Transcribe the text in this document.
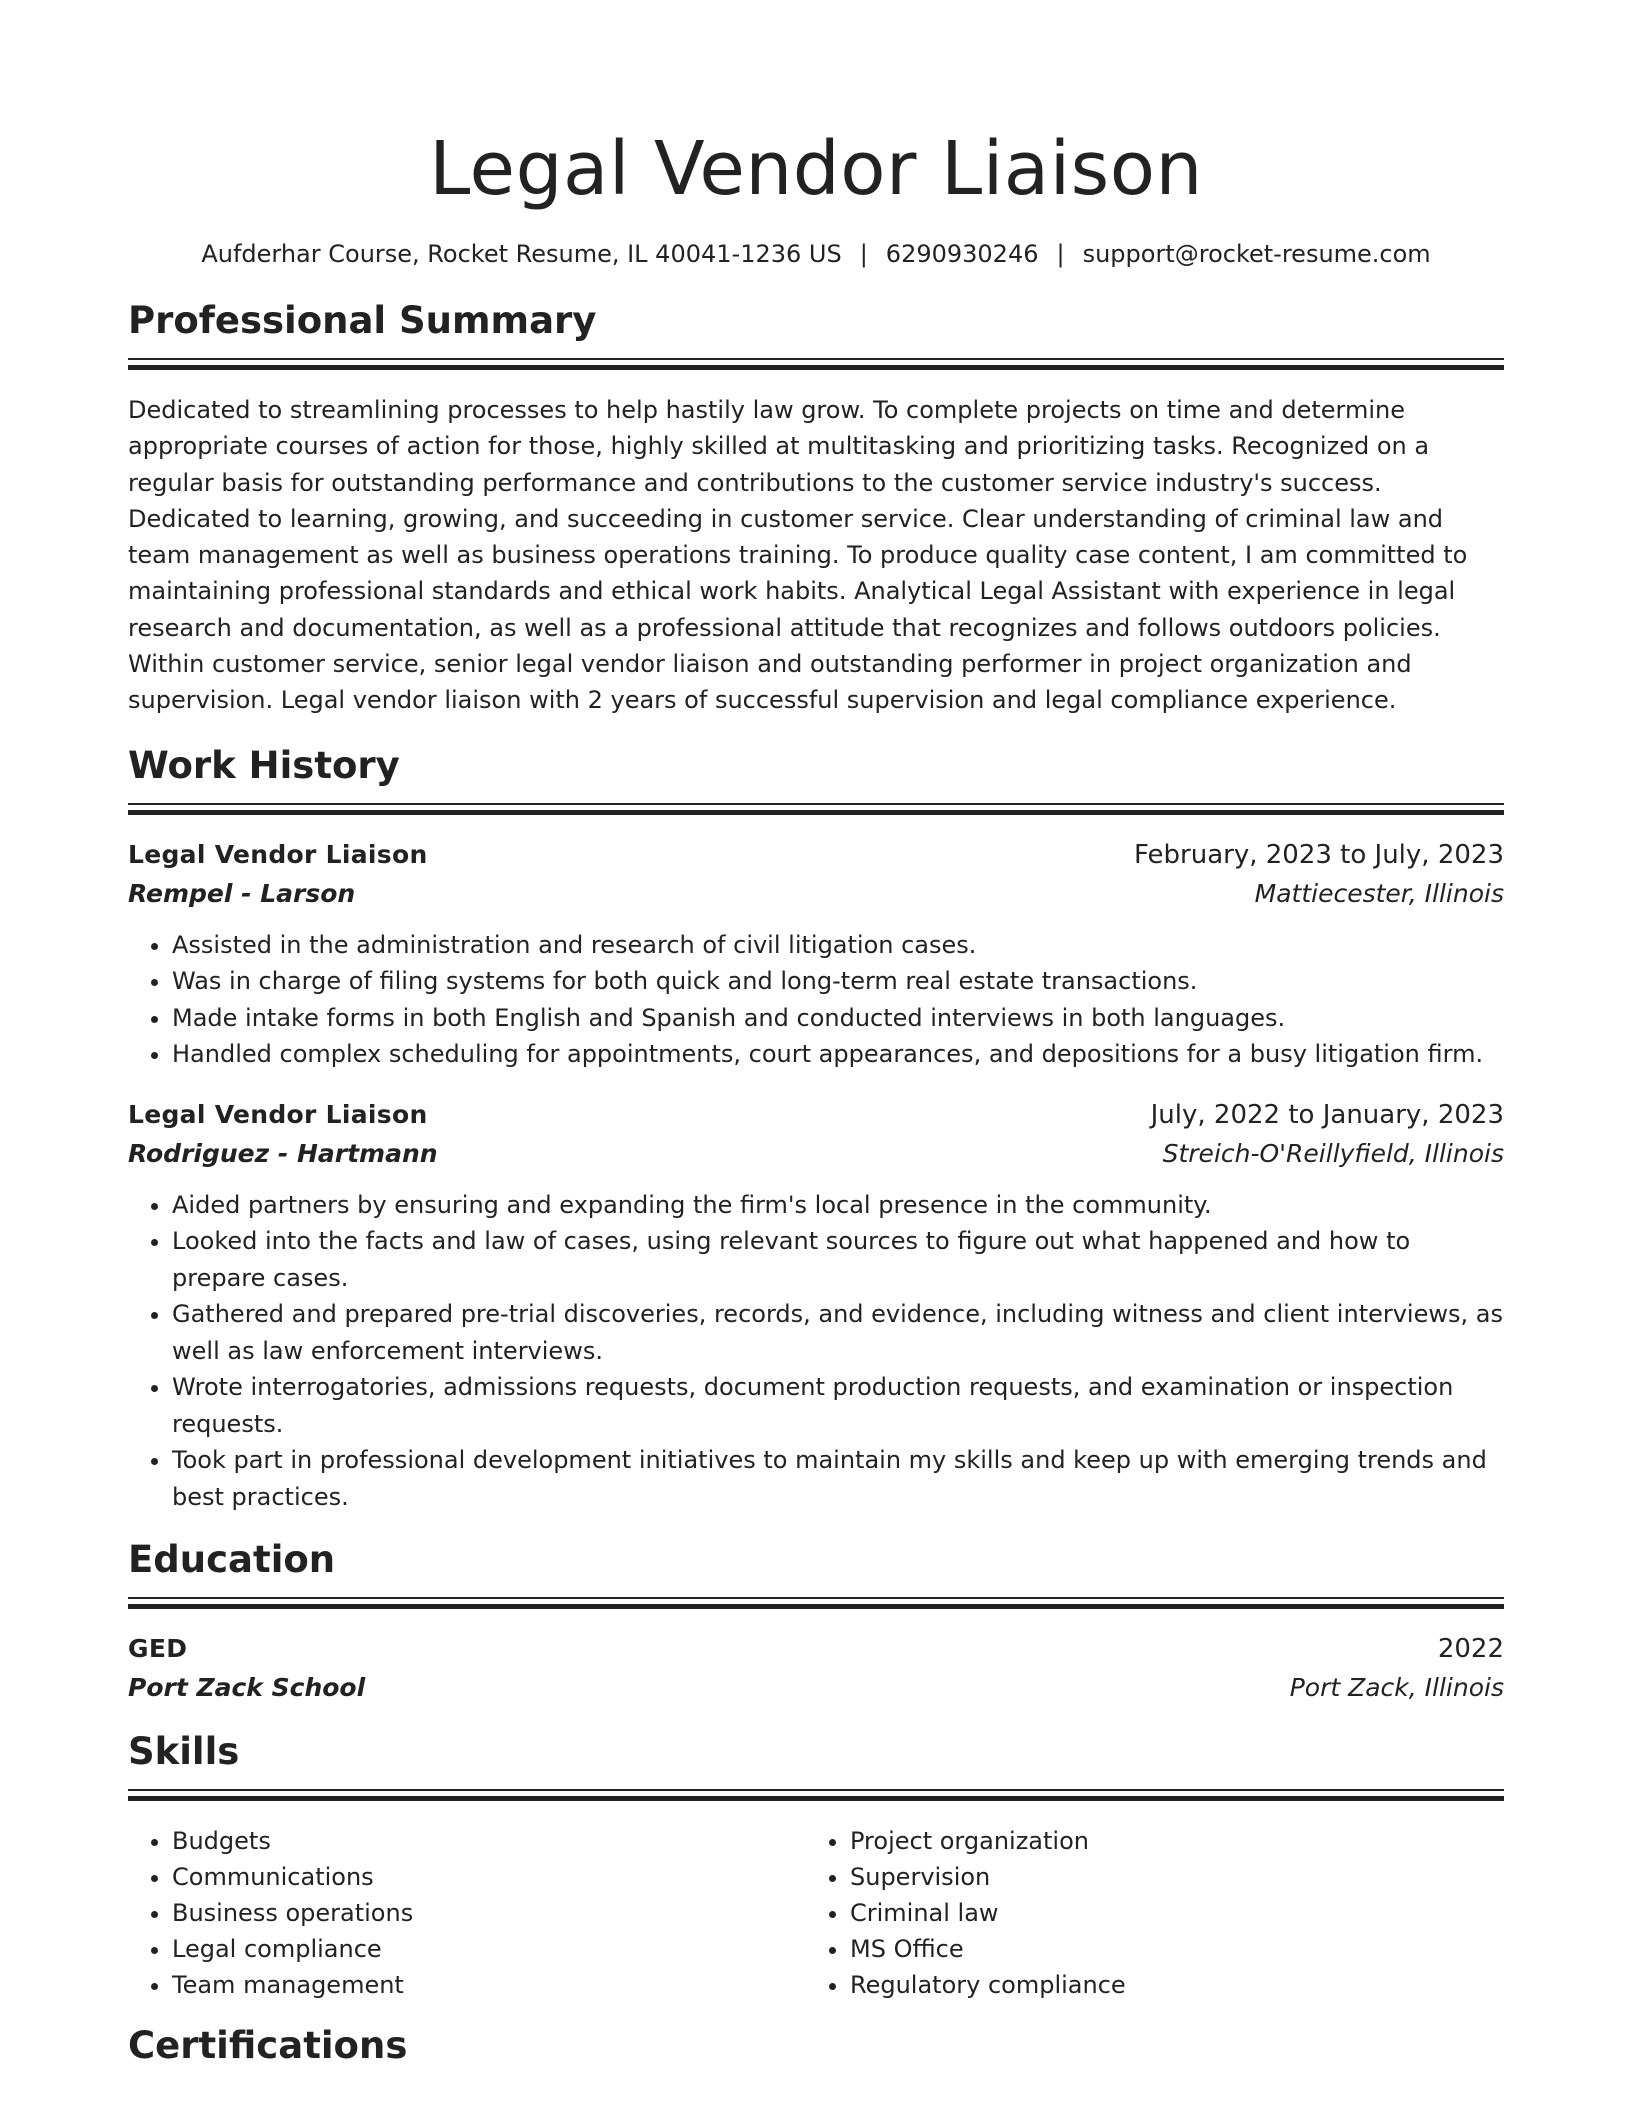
Legal Vendor Liaison
Aufderhar Course, Rocket Resume, IL 40041-1236 US | 6290930246 | support@rocket-resume.com
Professional Summary
Dedicated to streamlining processes to help hastily law grow. To complete projects on time and determine appropriate courses of action for those, highly skilled at multitasking and prioritizing tasks. Recognized on a regular basis for outstanding performance and contributions to the customer service industry's success. Dedicated to learning, growing, and succeeding in customer service. Clear understanding of criminal law and team management as well as business operations training. To produce quality case content, I am committed to maintaining professional standards and ethical work habits. Analytical Legal Assistant with experience in legal research and documentation, as well as a professional attitude that recognizes and follows outdoors policies. Within customer service, senior legal vendor liaison and outstanding performer in project organization and supervision. Legal vendor liaison with 2 years of successful supervision and legal compliance experience.
Work History
Legal Vendor Liaison	February, 2023 to July, 2023
Rempel - Larson	Mattiecester, Illinois
• Assisted in the administration and research of civil litigation cases.
• Was in charge of filing systems for both quick and long-term real estate transactions.
• Made intake forms in both English and Spanish and conducted interviews in both languages.
• Handled complex scheduling for appointments, court appearances, and depositions for a busy litigation firm.
Legal Vendor Liaison	July, 2022 to January, 2023
Rodriguez - Hartmann	Streich-O'Reillyfield, Illinois
• Aided partners by ensuring and expanding the firm's local presence in the community.
• Looked into the facts and law of cases, using relevant sources to figure out what happened and how to prepare cases.
• Gathered and prepared pre-trial discoveries, records, and evidence, including witness and client interviews, as well as law enforcement interviews.
• Wrote interrogatories, admissions requests, document production requests, and examination or inspection requests.
• Took part in professional development initiatives to maintain my skills and keep up with emerging trends and best practices.
Education
GED	2022
Port Zack School	Port Zack, Illinois
Skills
• Budgets
• Communications
• Business operations
• Legal compliance
• Team management
• Project organization
• Supervision
• Criminal law
• MS Office
• Regulatory compliance
Certifications
